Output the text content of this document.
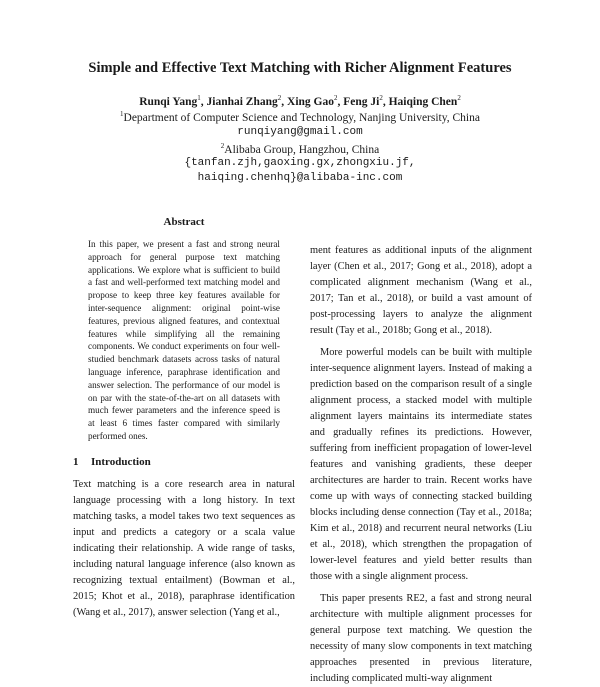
Simple and Effective Text Matching with Richer Alignment Features
Runqi Yang$^1$, Jianhai Zhang$^2$, Xing Gao$^2$, Feng Ji$^2$, Haiqing Chen$^2$
$^1$Department of Computer Science and Technology, Nanjing University, China
runqiyang@gmail.com
$^2$Alibaba Group, Hangzhou, China
{tanfan.zjh,gaoxing.gx,zhongxiu.jf,
haiqing.chenhq}@alibaba-inc.com
Abstract
In this paper, we present a fast and strong neural approach for general purpose text matching applications. We explore what is sufficient to build a fast and well-performed text matching model and propose to keep three key features available for inter-sequence alignment: original point-wise features, previous aligned features, and contextual features while simplifying all the remaining components. We conduct experiments on four well-studied benchmark datasets across tasks of natural language inference, paraphrase identification and answer selection. The performance of our model is on par with the state-of-the-art on all datasets with much fewer parameters and the inference speed is at least 6 times faster compared with similarly performed ones.
1 Introduction

Text matching is a core research area in natural language processing with a long history. In text matching tasks, a model takes two text sequences as input and predicts a category or a scala value indicating their relationship. A wide range of tasks, including natural language inference (also known as recognizing textual entailment) (Bowman et al., 2015; Khot et al., 2018), paraphrase identification (Wang et al., 2017), answer selection (Yang et al.,

ment features as additional inputs of the alignment layer (Chen et al., 2017; Gong et al., 2018), adopt a complicated alignment mechanism (Wang et al., 2017; Tan et al., 2018), or build a vast amount of post-processing layers to analyze the alignment result (Tay et al., 2018b; Gong et al., 2018).

More powerful models can be built with multiple inter-sequence alignment layers. Instead of making a prediction based on the comparison result of a single alignment process, a stacked model with multiple alignment layers maintains its intermediate states and gradually refines its predictions. However, suffering from inefficient propagation of lower-level features and vanishing gradients, these deeper architectures are harder to train. Recent works have come up with ways of connecting stacked building blocks including dense connection (Tay et al., 2018a; Kim et al., 2018) and recurrent neural networks (Liu et al., 2018), which strengthen the propagation of lower-level features and yield better results than those with a single alignment process.

This paper presents RE2, a fast and strong neural architecture with multiple alignment processes for general purpose text matching. We question the necessity of many slow components in text matching approaches presented in previous literature, including complicated multi-way alignment
